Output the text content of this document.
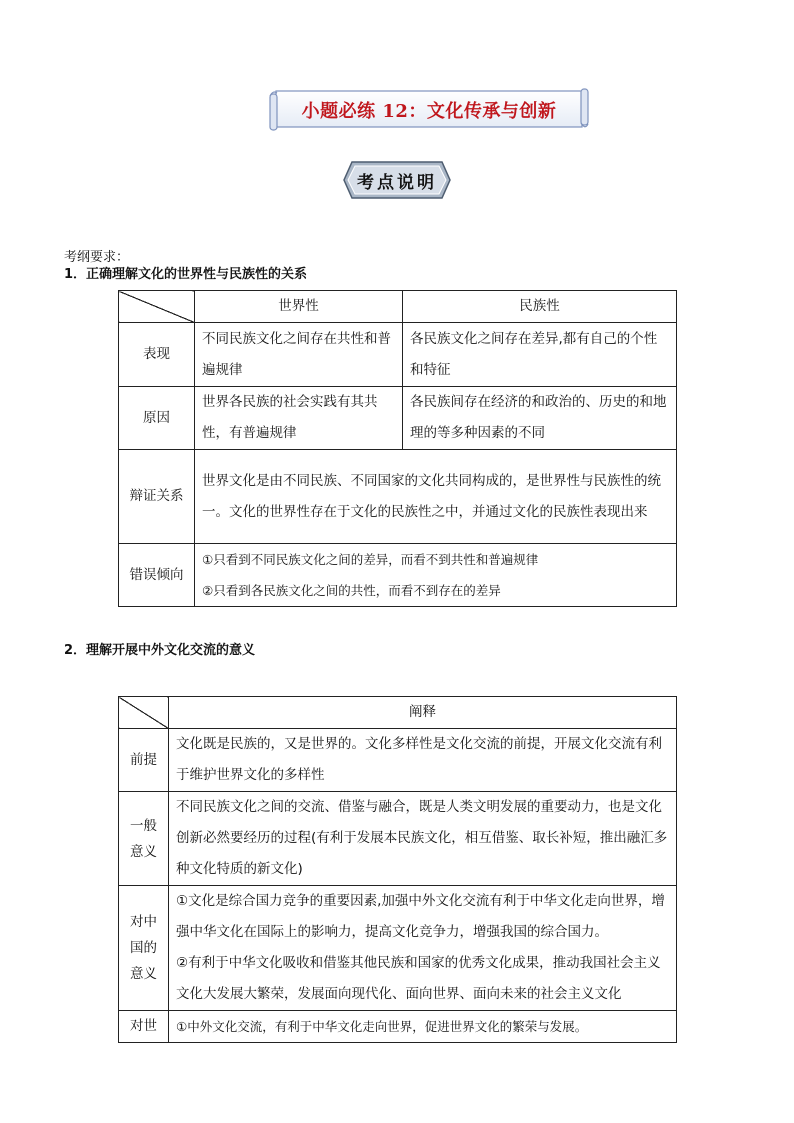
小题必练 12：文化传承与创新
考点说明
考纲要求：
1．正确理解文化的世界性与民族性的关系
	世界性	民族性
表现	不同民族文化之间存在共性和普遍规律	各民族文化之间存在差异,都有自己的个性和特征
原因	世界各民族的社会实践有其共性，有普遍规律	各民族间存在经济的和政治的、历史的和地理的等多种因素的不同
辩证关系	世界文化是由不同民族、不同国家的文化共同构成的，是世界性与民族性的统一。文化的世界性存在于文化的民族性之中，并通过文化的民族性表现出来	
错误倾向	①只看到不同民族文化之间的差异，而看不到共性和普遍规律
②只看到各民族文化之间的共性，而看不到存在的差异	
2．理解开展中外文化交流的意义
	阐释
前提	文化既是民族的，又是世界的。文化多样性是文化交流的前提，开展文化交流有利于维护世界文化的多样性

一般
意义	不同民族文化之间的交流、借鉴与融合，既是人类文明发展的重要动力，也是文化创新必然要经历的过程(有利于发展本民族文化，相互借鉴、取长补短，推出融汇多种文化特质的新文化)

对中
国的
意义	①文化是综合国力竞争的重要因素,加强中外文化交流有利于中华文化走向世界，增强中华文化在国际上的影响力，提高文化竞争力，增强我国的综合国力。
②有利于中华文化吸收和借鉴其他民族和国家的优秀文化成果，推动我国社会主义文化大发展大繁荣，发展面向现代化、面向世界、面向未来的社会主义文化

对世	①中外文化交流，有利于中华文化走向世界，促进世界文化的繁荣与发展。
